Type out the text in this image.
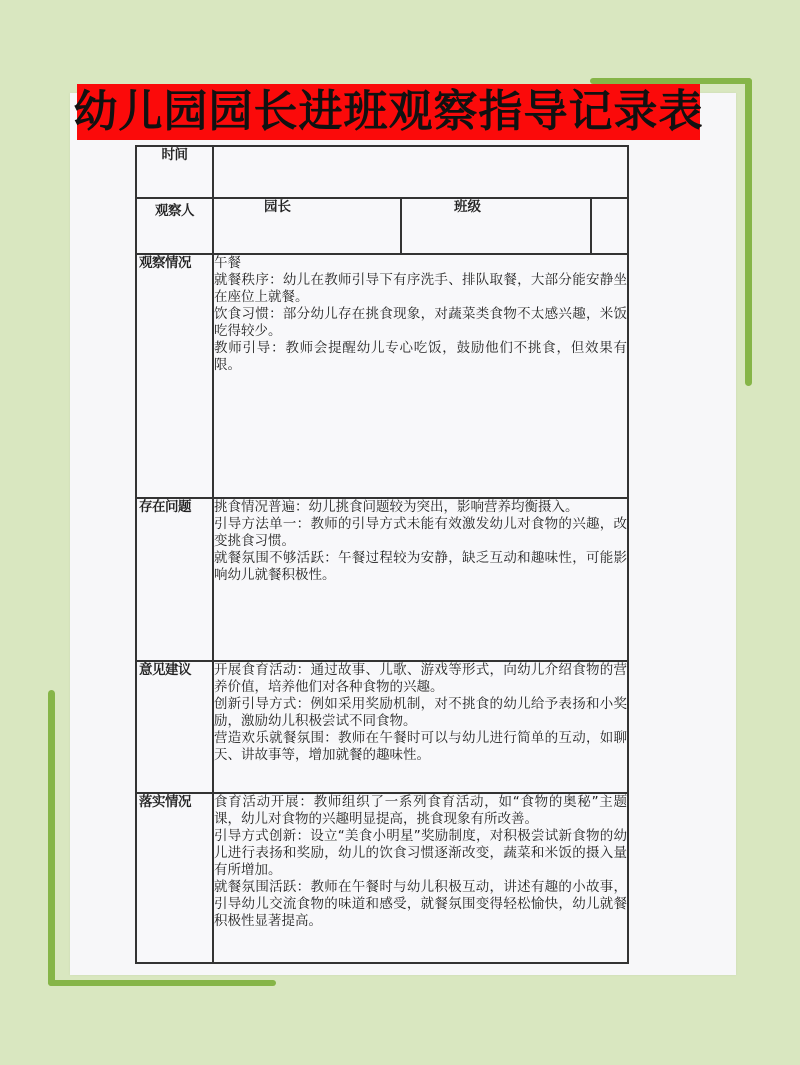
幼儿园园长进班观察指导记录表
时间			
观察人	园长	班级	

观察情况	午餐
就餐秩序：幼儿在教师引导下有序洗手、排队取餐，大部分能安静坐在座位上就餐。
饮食习惯：部分幼儿存在挑食现象，对蔬菜类食物不太感兴趣，米饭吃得较少。
教师引导：教师会提醒幼儿专心吃饭，鼓励他们不挑食，但效果有限。		

存在问题	挑食情况普遍：幼儿挑食问题较为突出，影响营养均衡摄入。
引导方法单一：教师的引导方式未能有效激发幼儿对食物的兴趣，改变挑食习惯。
就餐氛围不够活跃：午餐过程较为安静，缺乏互动和趣味性，可能影响幼儿就餐积极性。		

意见建议	开展食育活动：通过故事、儿歌、游戏等形式，向幼儿介绍食物的营养价值，培养他们对各种食物的兴趣。
创新引导方式：例如采用奖励机制，对不挑食的幼儿给予表扬和小奖励，激励幼儿积极尝试不同食物。
营造欢乐就餐氛围：教师在午餐时可以与幼儿进行简单的互动，如聊天、讲故事等，增加就餐的趣味性。		

落实情况	食育活动开展：教师组织了一系列食育活动，如“食物的奥秘”主题课，幼儿对食物的兴趣明显提高，挑食现象有所改善。
引导方式创新：设立“美食小明星”奖励制度，对积极尝试新食物的幼儿进行表扬和奖励，幼儿的饮食习惯逐渐改变，蔬菜和米饭的摄入量有所增加。
就餐氛围活跃：教师在午餐时与幼儿积极互动，讲述有趣的小故事，引导幼儿交流食物的味道和感受，就餐氛围变得轻松愉快，幼儿就餐积极性显著提高。		
